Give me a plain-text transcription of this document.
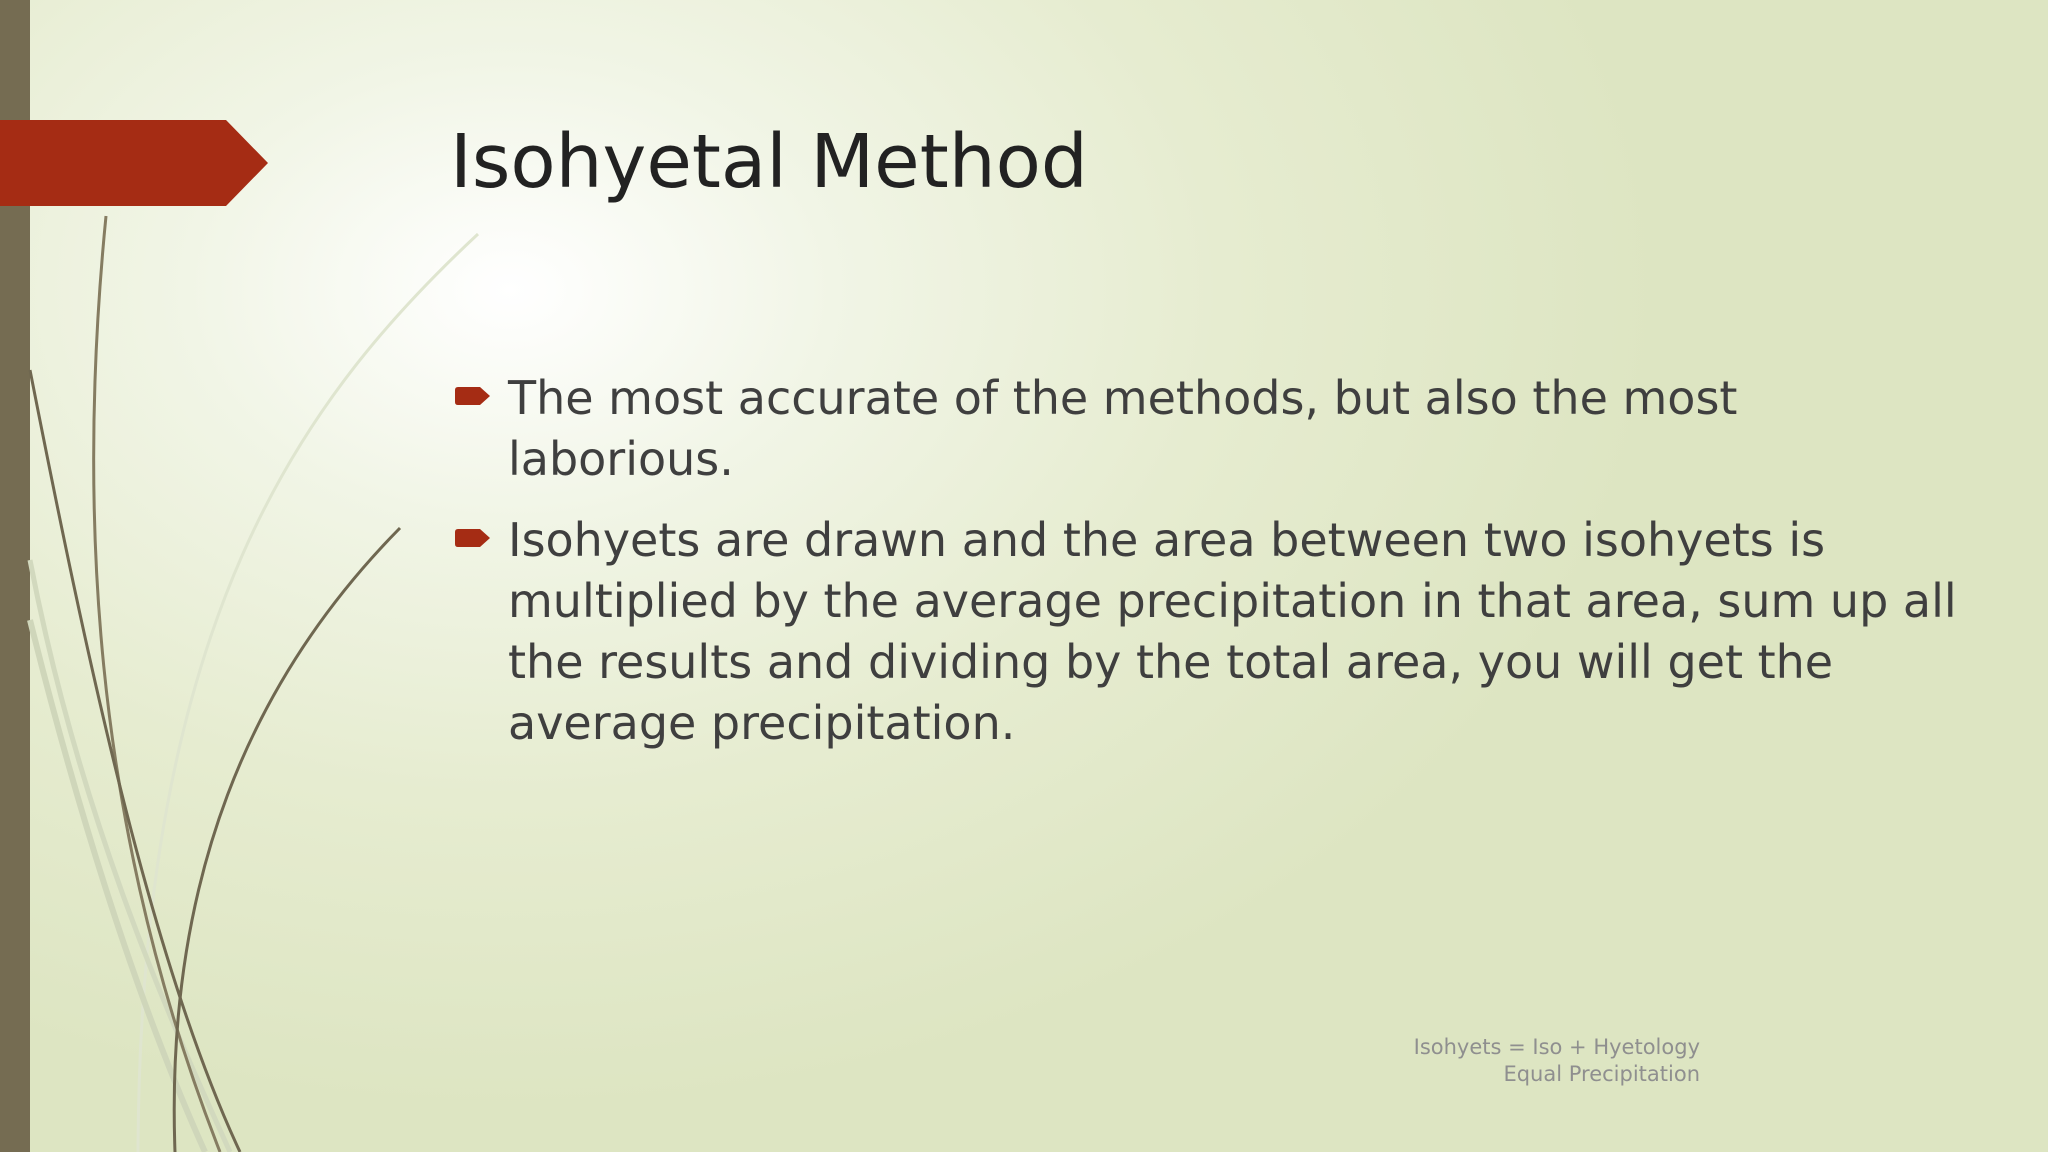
Isohyetal Method
The most accurate of the methods, but also the most laborious.
Isohyets are drawn and the area between two isohyets is multiplied by the average precipitation in that area, sum up all the results and dividing by the total area, you will get the average precipitation.
Isohyets = Iso + Hyetology
Equal Precipitation
